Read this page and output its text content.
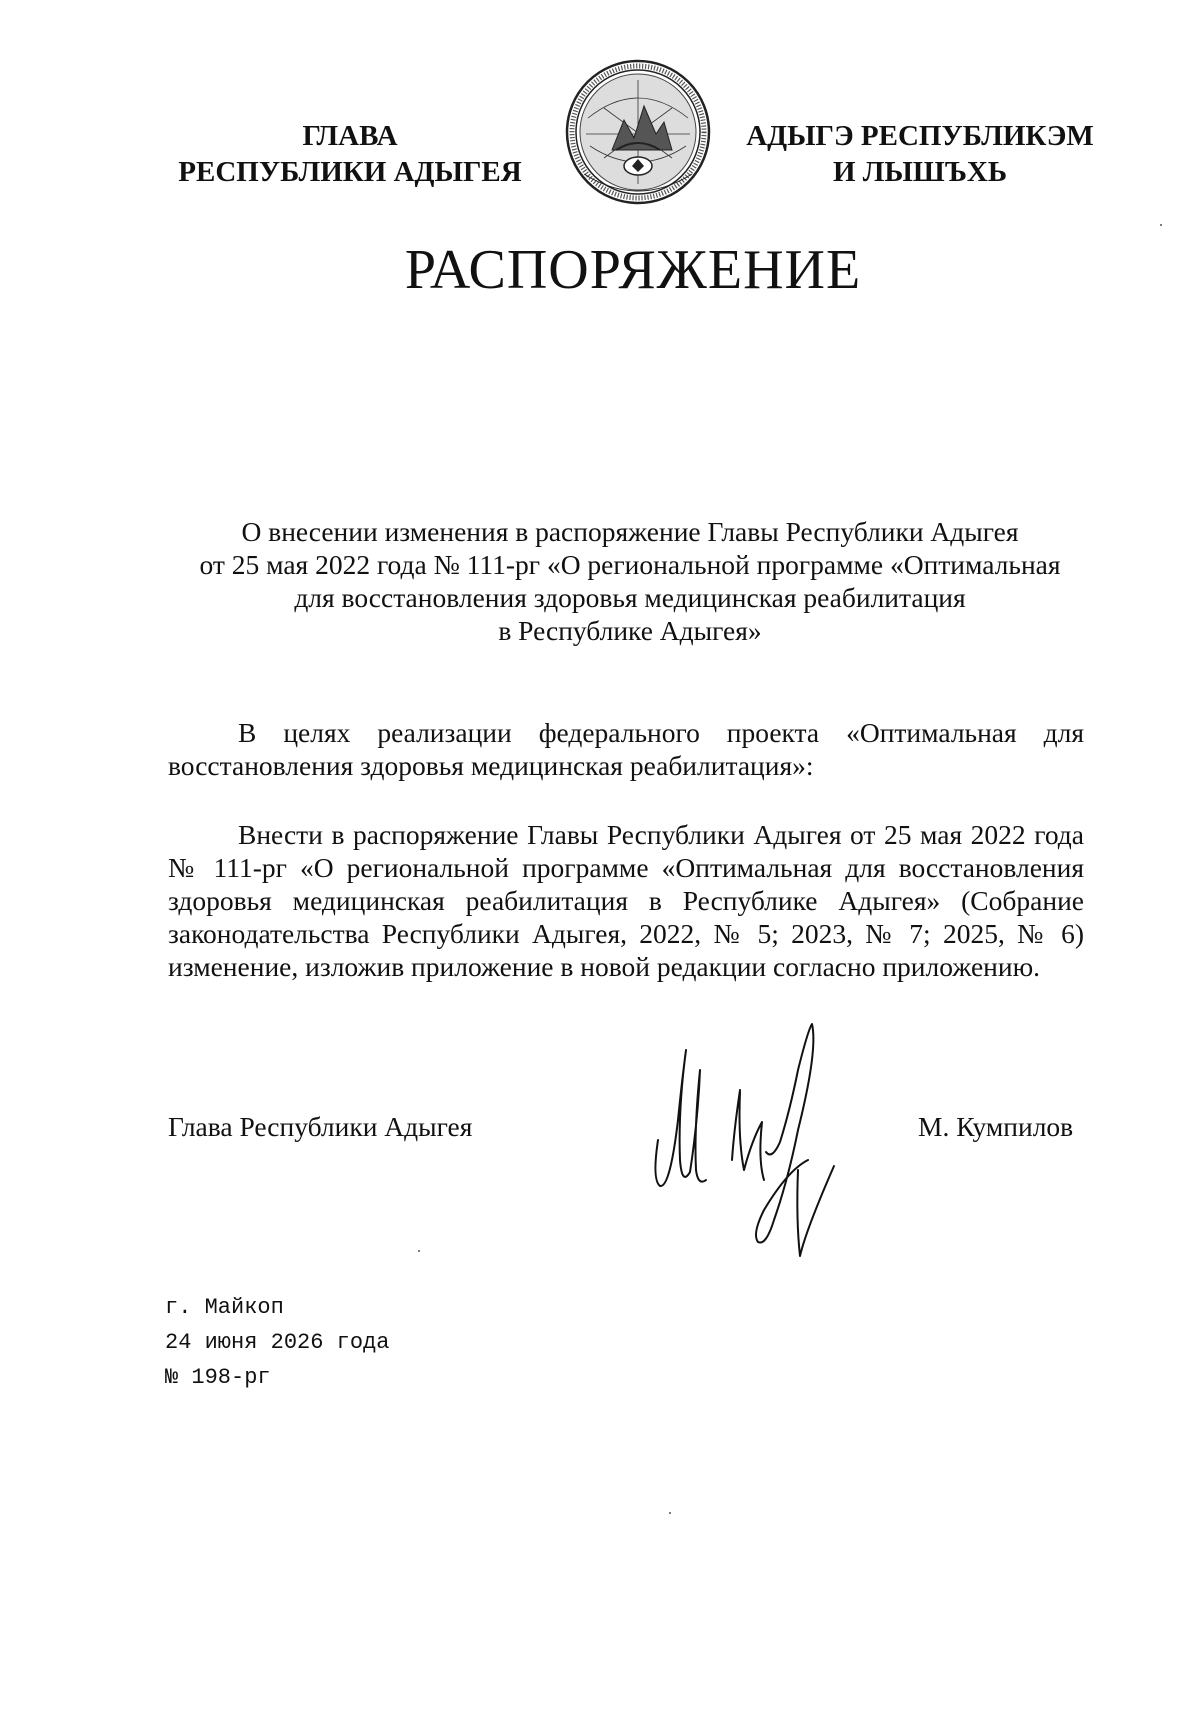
ГЛАВА
РЕСПУБЛИКИ АДЫГЕЯ
АДЫГЭ РЕСПУБЛИКЭМ
И ЛЫШЪХЬ
РАСПОРЯЖЕНИЕ
О внесении изменения в распоряжение Главы Республики Адыгея
от 25 мая 2022 года № 111-рг «О региональной программе «Оптимальная
для восстановления здоровья медицинская реабилитация
в Республике Адыгея»
В целях реализации федерального проекта «Оптимальная для
восстановления здоровья медицинская реабилитация»:
Внести в распоряжение Главы Республики Адыгея от 25 мая 2022 года
№ 111-рг «О региональной программе «Оптимальная для восстановления
здоровья медицинская реабилитация в Республике Адыгея» (Собрание
законодательства Республики Адыгея, 2022, № 5; 2023, № 7; 2025, № 6)
изменение, изложив приложение в новой редакции согласно приложению.
Глава Республики Адыгея	М. Кумпилов
г. Майкоп
24 июня 2026 года
№ 198-рг
